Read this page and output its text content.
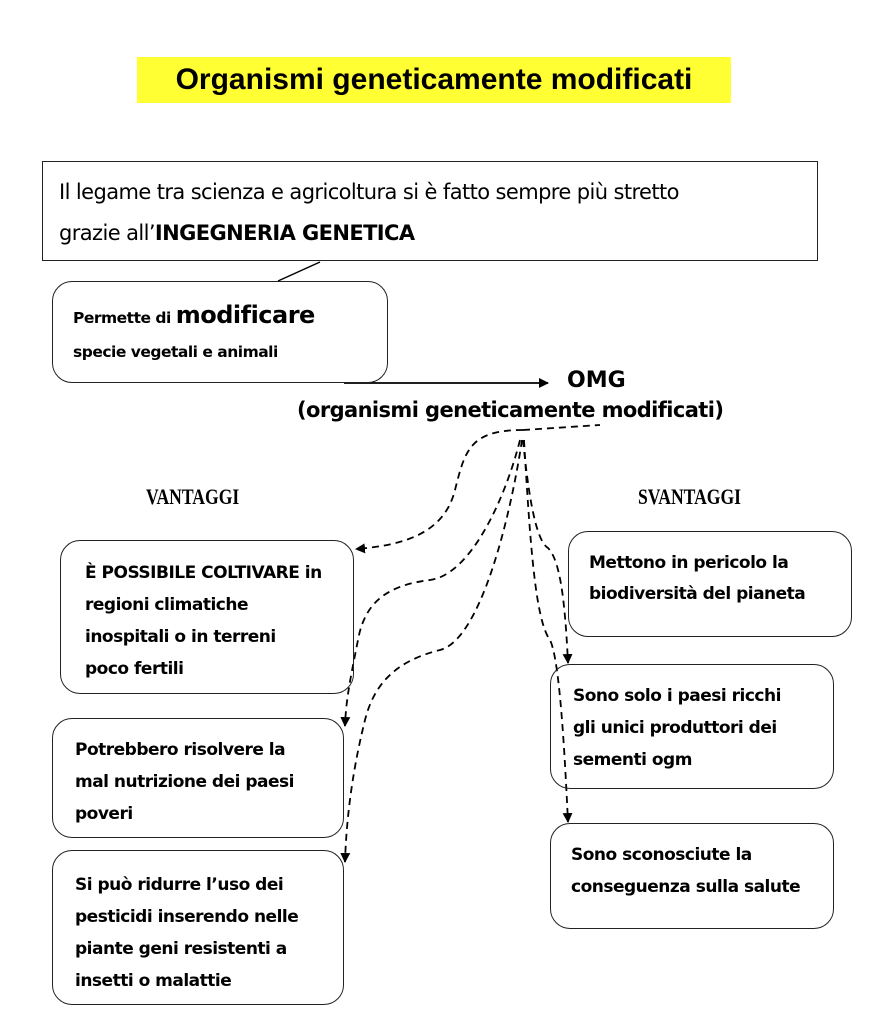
Organismi geneticamente modificati
Il legame tra scienza e agricoltura si è fatto sempre più stretto
grazie all’INGEGNERIA GENETICA
Permette di modificare
specie vegetali e animali
OMG
(organismi geneticamente modificati)
VANTAGGI	SVANTAGGI
È POSSIBILE COLTIVARE in
regioni climatiche
inospitali o in terreni
poco fertili
Potrebbero risolvere la
mal nutrizione dei paesi
poveri
Si può ridurre l’uso dei
pesticidi inserendo nelle
piante geni resistenti a
insetti o malattie
Mettono in pericolo la
biodiversità del pianeta
Sono solo i paesi ricchi
gli unici produttori dei
sementi ogm
Sono sconosciute la
conseguenza sulla salute
